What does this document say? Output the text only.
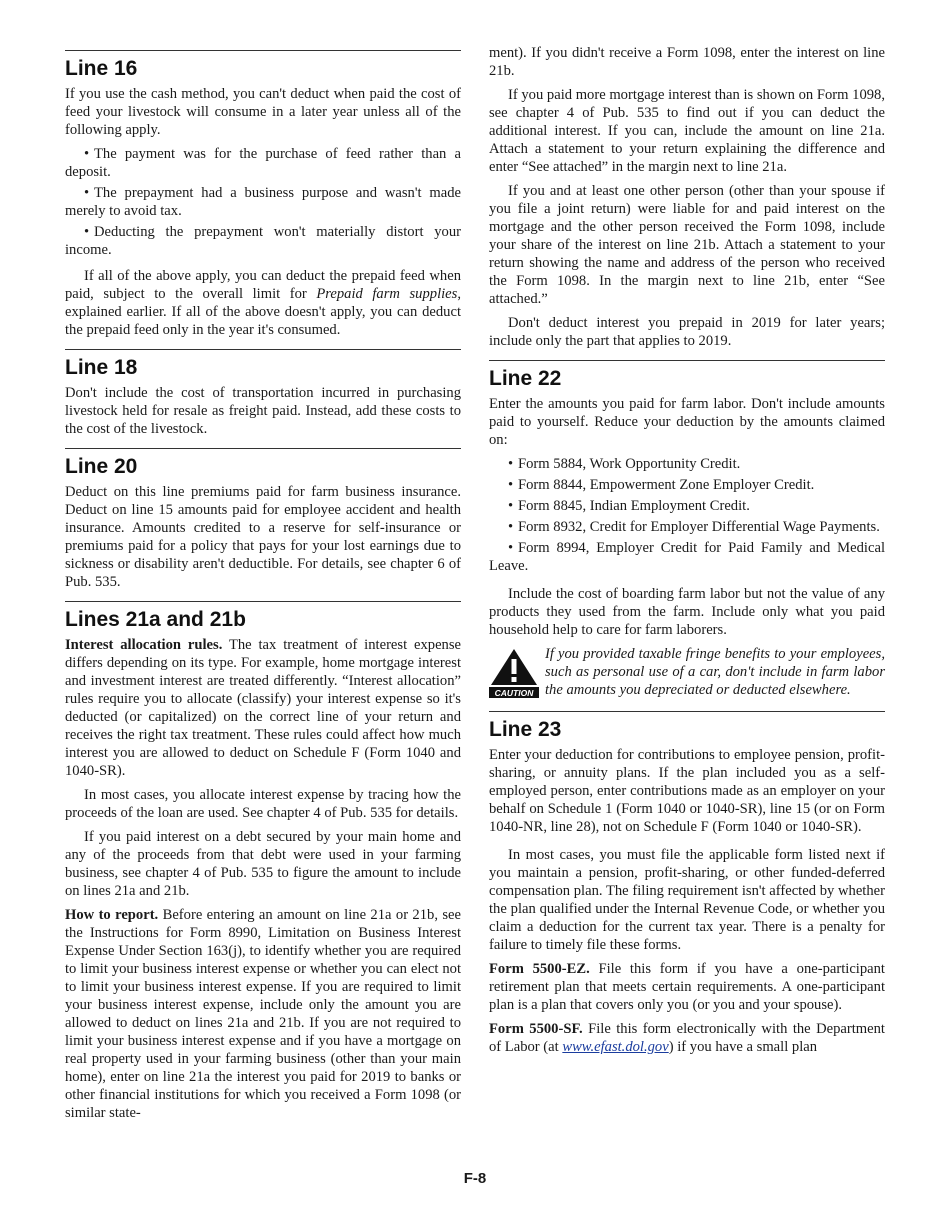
Line 16

If you use the cash method, you can't deduct when paid the cost of feed your livestock will consume in a later year unless all of the following apply.

• The payment was for the purchase of feed rather than a deposit.
• The prepayment had a business purpose and wasn't made merely to avoid tax.
• Deducting the prepayment won't materially distort your income.

If all of the above apply, you can deduct the prepaid feed when paid, subject to the overall limit for Prepaid farm supplies, explained earlier. If all of the above doesn't apply, you can deduct the prepaid feed only in the year it's consumed.

Line 18

Don't include the cost of transportation incurred in purchasing livestock held for resale as freight paid. Instead, add these costs to the cost of the livestock.

Line 20

Deduct on this line premiums paid for farm business insurance. Deduct on line 15 amounts paid for employee accident and health insurance. Amounts credited to a reserve for self-insurance or premiums paid for a policy that pays for your lost earnings due to sickness or disability aren't deductible. For details, see chapter 6 of Pub. 535.

Lines 21a and 21b

Interest allocation rules. The tax treatment of interest expense differs depending on its type. For example, home mortgage interest and investment interest are treated differently. “Interest allocation” rules require you to allocate (classify) your interest expense so it's deducted (or capitalized) on the correct line of your return and receives the right tax treatment. These rules could affect how much interest you are allowed to deduct on Schedule F (Form 1040 and 1040-SR).

In most cases, you allocate interest expense by tracing how the proceeds of the loan are used. See chapter 4 of Pub. 535 for details.

If you paid interest on a debt secured by your main home and any of the proceeds from that debt were used in your farming business, see chapter 4 of Pub. 535 to figure the amount to include on lines 21a and 21b.

How to report. Before entering an amount on line 21a or 21b, see the Instructions for Form 8990, Limitation on Business Interest Expense Under Section 163(j), to identify whether you are required to limit your business interest expense or whether you can elect not to limit your business interest expense. If you are required to limit your business interest expense, include only the amount you are allowed to deduct on lines 21a and 21b. If you are not required to limit your business interest expense and if you have a mortgage on real property used in your farming business (other than your main home), enter on line 21a the interest you paid for 2019 to banks or other financial institutions for which you received a Form 1098 (or similar state-

ment). If you didn't receive a Form 1098, enter the interest on line 21b.

If you paid more mortgage interest than is shown on Form 1098, see chapter 4 of Pub. 535 to find out if you can deduct the additional interest. If you can, include the amount on line 21a. Attach a statement to your return explaining the difference and enter “See attached” in the margin next to line 21a.

If you and at least one other person (other than your spouse if you file a joint return) were liable for and paid interest on the mortgage and the other person received the Form 1098, include your share of the interest on line 21b. Attach a statement to your return showing the name and address of the person who received the Form 1098. In the margin next to line 21b, enter “See attached.”

Don't deduct interest you prepaid in 2019 for later years; include only the part that applies to 2019.

Line 22

Enter the amounts you paid for farm labor. Don't include amounts paid to yourself. Reduce your deduction by the amounts claimed on:

• Form 5884, Work Opportunity Credit.
• Form 8844, Empowerment Zone Employer Credit.
• Form 8845, Indian Employment Credit.
• Form 8932, Credit for Employer Differential Wage Payments.
• Form 8994, Employer Credit for Paid Family and Medical Leave.

Include the cost of boarding farm labor but not the value of any products they used from the farm. Include only what you paid household help to care for farm laborers.

CAUTION
If you provided taxable fringe benefits to your employees, such as personal use of a car, don't include in farm labor the amounts you depreciated or deducted elsewhere.
Line 23

Enter your deduction for contributions to employee pension, profit-sharing, or annuity plans. If the plan included you as a self-employed person, enter contributions made as an employer on your behalf on Schedule 1 (Form 1040 or 1040-SR), line 15 (or on Form 1040-NR, line 28), not on Schedule F (Form 1040 or 1040-SR).

In most cases, you must file the applicable form listed next if you maintain a pension, profit-sharing, or other funded-deferred compensation plan. The filing requirement isn't affected by whether the plan qualified under the Internal Revenue Code, or whether you claim a deduction for the current tax year. There is a penalty for failure to timely file these forms.

Form 5500-EZ. File this form if you have a one-participant retirement plan that meets certain requirements. A one-participant plan is a plan that covers only you (or you and your spouse).

Form 5500-SF. File this form electronically with the Department of Labor (at www.efast.dol.gov) if you have a small plan

F-8
